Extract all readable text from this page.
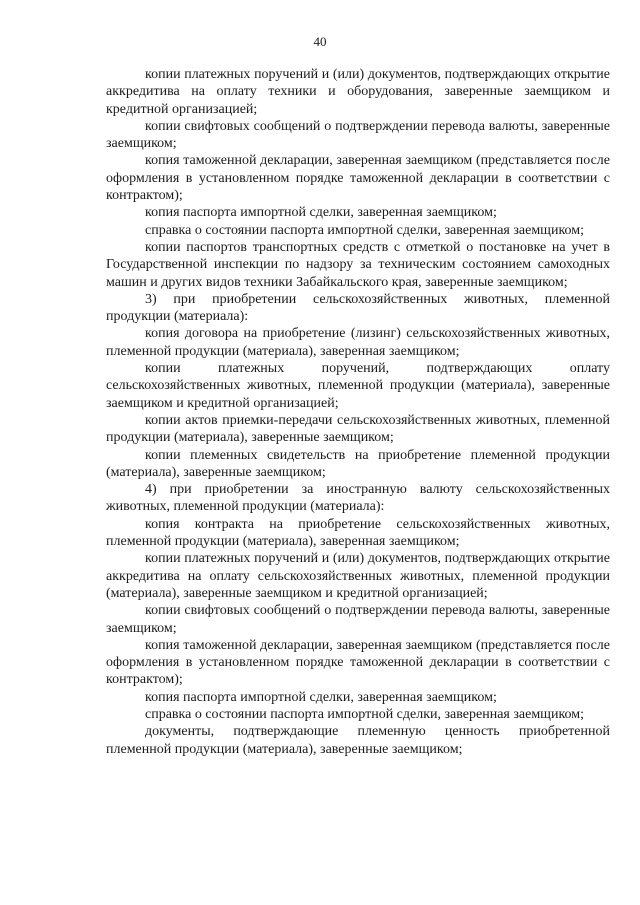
40

копии платежных поручений и (или) документов, подтверждающих открытие аккредитива на оплату техники и оборудования, заверенные заемщиком и кредитной организацией;

копии свифтовых сообщений о подтверждении перевода валюты, заверенные заемщиком;

копия таможенной декларации, заверенная заемщиком (представляется после оформления в установленном порядке таможенной декларации в соответствии с контрактом);

копия паспорта импортной сделки, заверенная заемщиком;

справка о состоянии паспорта импортной сделки, заверенная заемщиком;

копии паспортов транспортных средств с отметкой о постановке на учет в Государственной инспекции по надзору за техническим состоянием самоходных машин и других видов техники Забайкальского края, заверенные заемщиком;

3) при приобретении сельскохозяйственных животных, племенной продукции (материала):

копия договора на приобретение (лизинг) сельскохозяйственных животных, племенной продукции (материала), заверенная заемщиком;

копии платежных поручений, подтверждающих оплату сельскохозяйственных животных, племенной продукции (материала), заверенные заемщиком и кредитной организацией;

копии актов приемки-передачи сельскохозяйственных животных, племенной продукции (материала), заверенные заемщиком;

копии племенных свидетельств на приобретение племенной продукции (материала), заверенные заемщиком;

4) при приобретении за иностранную валюту сельскохозяйственных животных, племенной продукции (материала):

копия контракта на приобретение сельскохозяйственных животных, племенной продукции (материала), заверенная заемщиком;

копии платежных поручений и (или) документов, подтверждающих открытие аккредитива на оплату сельскохозяйственных животных, племенной продукции (материала), заверенные заемщиком и кредитной организацией;

копии свифтовых сообщений о подтверждении перевода валюты, заверенные заемщиком;

копия таможенной декларации, заверенная заемщиком (представляется после оформления в установленном порядке таможенной декларации в соответствии с контрактом);

копия паспорта импортной сделки, заверенная заемщиком;

справка о состоянии паспорта импортной сделки, заверенная заемщиком;

документы, подтверждающие племенную ценность приобретенной племенной продукции (материала), заверенные заемщиком;
